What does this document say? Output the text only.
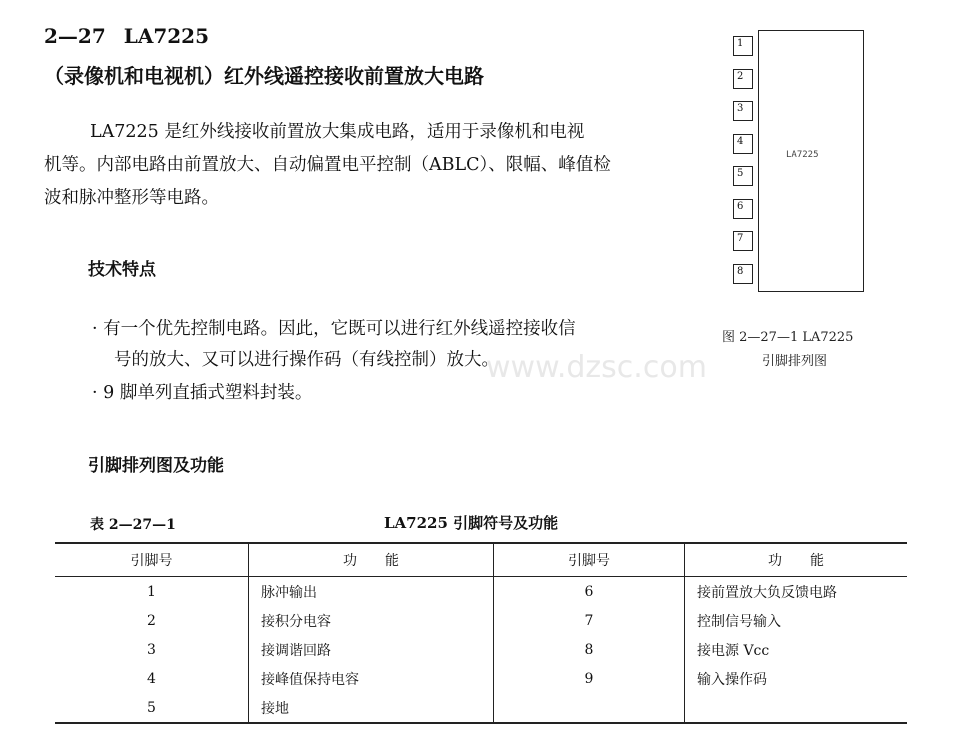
2—27 LA7225
（录像机和电视机）红外线遥控接收前置放大电路

LA7225 是红外线接收前置放大集成电路，适用于录像机和电视

机等。内部电路由前置放大、自动偏置电平控制（ABLC）、限幅、峰值检

波和脉冲整形等电路。

技术特点
· 有一个优先控制电路。因此，它既可以进行红外线遥控接收信
号的放大、又可以进行操作码（有线控制）放大。
· 9 脚单列直插式塑料封装。
引脚排列图及功能
LA7225
1
2
3
4
5
6
7
8
图 2—27—1 LA7225
引脚排列图
www.dzsc.com
表 2—27—1	LA7225 引脚符号及功能
引脚号	功　　能	引脚号	功　　能
1	脉冲输出	6	接前置放大负反馈电路
2	接积分电容	7	控制信号输入
3	接调谐回路	8	接电源 Vcc
4	接峰值保持电容	9	输入操作码
5	接地		
